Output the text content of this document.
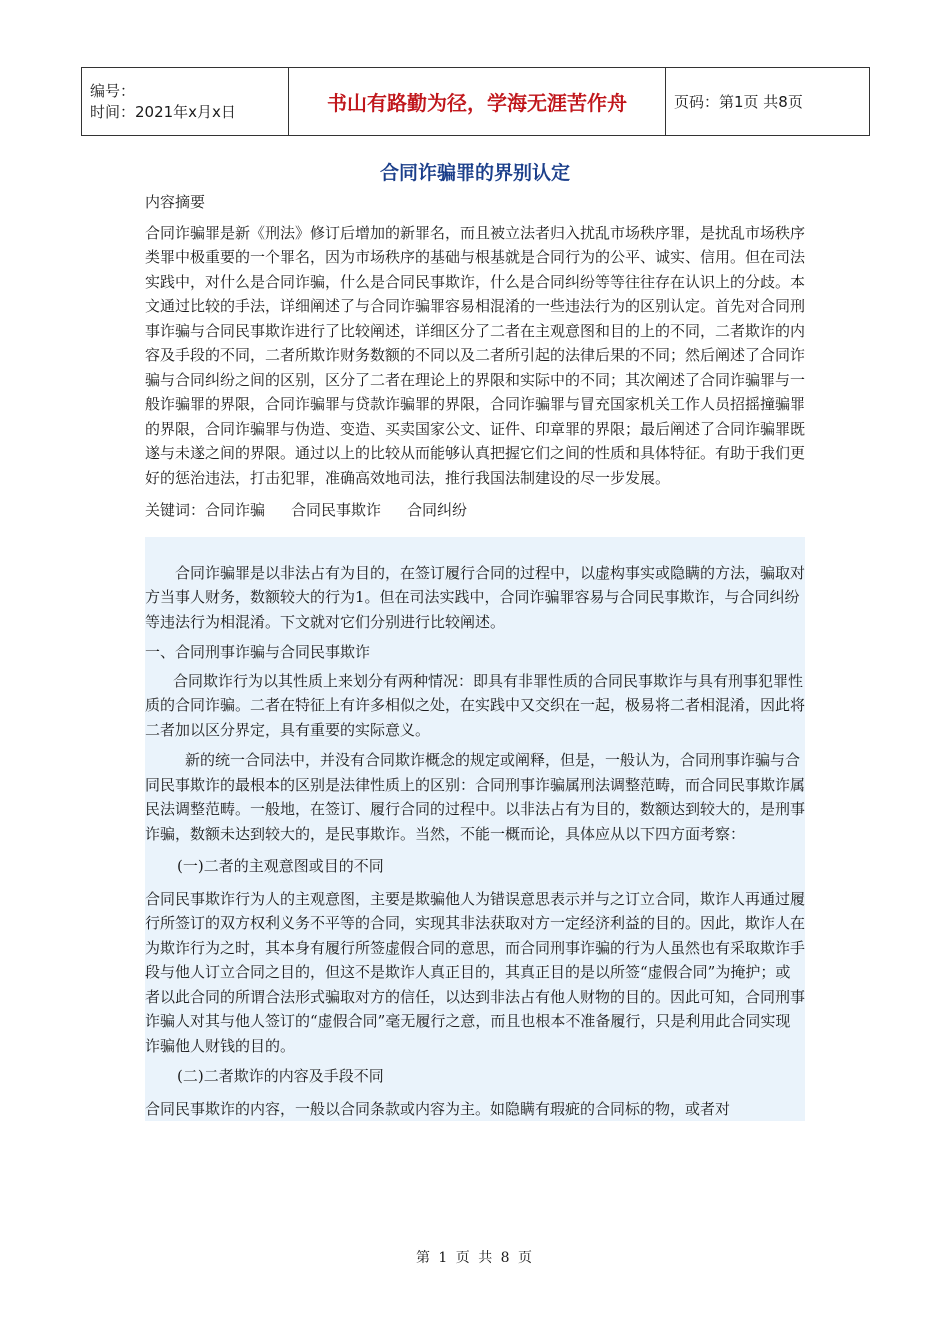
编号：
时间：2021年x月x日	书山有路勤为径，学海无涯苦作舟	页码：第1页 共8页
合同诈骗罪的界别认定

内容摘要

合同诈骗罪是新《刑法》修订后增加的新罪名，而且被立法者归入扰乱市场秩序罪，是扰乱市场秩序类罪中极重要的一个罪名，因为市场秩序的基础与根基就是合同行为的公平、诚实、信用。但在司法实践中，对什么是合同诈骗，什么是合同民事欺诈，什么是合同纠纷等等往往存在认识上的分歧。本文通过比较的手法，详细阐述了与合同诈骗罪容易相混淆的一些违法行为的区别认定。首先对合同刑事诈骗与合同民事欺诈进行了比较阐述，详细区分了二者在主观意图和目的上的不同，二者欺诈的内容及手段的不同，二者所欺诈财务数额的不同以及二者所引起的法律后果的不同；然后阐述了合同诈骗与合同纠纷之间的区别，区分了二者在理论上的界限和实际中的不同；其次阐述了合同诈骗罪与一般诈骗罪的界限，合同诈骗罪与贷款诈骗罪的界限，合同诈骗罪与冒充国家机关工作人员招摇撞骗罪的界限，合同诈骗罪与伪造、变造、买卖国家公文、证件、印章罪的界限；最后阐述了合同诈骗罪既遂与未遂之间的界限。通过以上的比较从而能够认真把握它们之间的性质和具体特征。有助于我们更好的惩治违法，打击犯罪，准确高效地司法，推行我国法制建设的尽一步发展。

关键词：合同诈骗 合同民事欺诈 合同纠纷

合同诈骗罪是以非法占有为目的，在签订履行合同的过程中，以虚构事实或隐瞒的方法，骗取对方当事人财务，数额较大的行为1。但在司法实践中，合同诈骗罪容易与合同民事欺诈，与合同纠纷等违法行为相混淆。下文就对它们分别进行比较阐述。

一、合同刑事诈骗与合同民事欺诈

合同欺诈行为以其性质上来划分有两种情况：即具有非罪性质的合同民事欺诈与具有刑事犯罪性质的合同诈骗。二者在特征上有许多相似之处，在实践中又交织在一起，极易将二者相混淆，因此将二者加以区分界定，具有重要的实际意义。

新的统一合同法中，并没有合同欺诈概念的规定或阐释，但是，一般认为，合同刑事诈骗与合同民事欺诈的最根本的区别是法律性质上的区别：合同刑事诈骗属刑法调整范畴，而合同民事欺诈属民法调整范畴。一般地，在签订、履行合同的过程中。以非法占有为目的，数额达到较大的，是刑事诈骗，数额未达到较大的，是民事欺诈。当然，不能一概而论，具体应从以下四方面考察：

(一)二者的主观意图或目的不同

合同民事欺诈行为人的主观意图，主要是欺骗他人为错误意思表示并与之订立合同，欺诈人再通过履行所签订的双方权利义务不平等的合同，实现其非法获取对方一定经济利益的目的。因此，欺诈人在为欺诈行为之时，其本身有履行所签虚假合同的意思，而合同刑事诈骗的行为人虽然也有采取欺诈手段与他人订立合同之目的，但这不是欺诈人真正目的，其真正目的是以所签“虚假合同”为掩护；或者以此合同的所谓合法形式骗取对方的信任，以达到非法占有他人财物的目的。因此可知，合同刑事诈骗人对其与他人签订的“虚假合同”毫无履行之意，而且也根本不准备履行，只是利用此合同实现诈骗他人财钱的目的。

(二)二者欺诈的内容及手段不同

合同民事欺诈的内容，一般以合同条款或内容为主。如隐瞒有瑕疵的合同标的物，或者对

第 1 页 共 8 页
